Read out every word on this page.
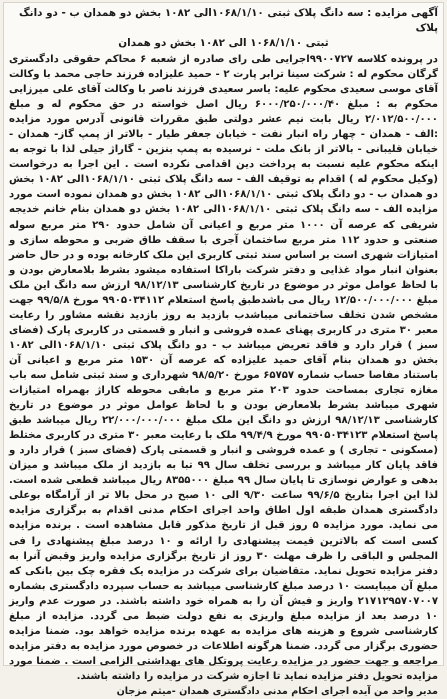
آگهی مزایده : سه دانگ پلاک ثبتی ۱۰۶۸/۱/۱۰الی ۱۰۸۲ بخش دو همدان ب - دو دانگ پلاک

ثبتی ۱۰۶۸/۱/۱۰ الی ۱۰۸۲ بخش دو همدان

در پرونده کلاسه ۹۹۰۰۷۲۷اجرایی طی رای صادره از شعبه ۶ محاکم حقوقی دادگستری گرگان محکوم له : شرکت سینا ترابر پارت ۲ - حمید علیزاده فرزند حاجی محمد با وکالت آقای موسی سعیدی محکوم علیه: یاسر سعیدی فرزند ناصر با وکالت آقای علی میرزایی محکوم به : مبلغ ۶۰۰۰/۲۵۰/۰۰۰/۴۰ ریال اصل خواسته در حق محکوم له و مبلغ ۲/۰۱۲/۵۰۰/۰۰۰ ریال بابت نیم عشر دولتی طبق مقررات قانونی آدرس مورد مزایده :الف - همدان - چهار راه انبار نفت - خیابان جعفر طیار - بالاتر از پمپ گاز- همدان - خیابان قلیبانی - بالاتر از بانک ملت - نرسیده به پمپ بنزین - گاراژ جیلی لذا با توجه به اینکه محکوم علیه نسبت به پرداخت دین اقدامی نکرده است . این اجرا به درخواست (وکیل محکوم له ) اقدام به توقیف الف - سه دانگ پلاک ثبتی ۱۰۶۸/۱/۱۰الی ۱۰۸۲ بخش دو همدان ب - دو دانگ پلاک ثبتی ۱۰۶۸/۱/۱۰الی ۱۰۸۲ بخش دو همدان نموده است مورد مزایده الف - سه دانگ پلاک ثبتی ۱۰۶۸/۱/۱۰الی ۱۰۸۲ بخش دو همدان بنام خانم خدیجه شریفی که عرصه آن ۱۰۰۰ متر مربع و اعیانی آن شامل حدود ۲۹۰ متر مربع سوله صنعتی و حدود ۱۱۲ متر مربع ساختمان آجری با سقف طاق ضربی و محوطه سازی و امتیازات شهری است بر اساس سند ثبتی کاربری این ملک کارخانه بوده و در حال حاضر بعنوان انبار مواد غذایی و دفتر شرکت باراکا استفاده میشود بشرط بلامعارض بودن و با لحاظ عوامل موثر در موضوع در تاریخ کارشناسی ۹۸/۱۲/۱۳ ارزش سه دانگ این ملک مبلغ ۱۲/۵۰۰/۰۰۰/۰۰۰ ریال می باشدطبق پاسخ استعلام ۹۹۰۵۰۳۴۱۱۲ مورخ ۹۹/۵/۸ جهت مشخص شدن تخلف ساختمانی میباشدب بازدید به روز بازدید نقشه مشاور را رعایت معبر ۳۰ متری در کاربری پهنای عمده فروشی و انبار و قسمتی در کاربری پارک (فضای سبز ) قرار دارد و فاقد تعریض میباشد ب - دو دانگ پلاک ثبتی ۱۰۶۸/۱/۱۰الی ۱۰۸۲ بخش دو همدان بنام آقای حمید علیزاده که عرصه آن ۱۵۳۰ متر مربع و اعیانی آن باستناد مفاصا حساب شماره ۶۵۷۵۷ مورخ ۹۸/۵/۲۰ شهرداری و سند ثبتی شامل سه باب مغازه تجاری بمساحت حدود ۲۰۳ متر مربع و مابقی محوطه کاراژ بهمراه امتیازات شهری میباشد بشرط بلامعارض بودن و با لحاظ عوامل موثر در موضوع در تاریخ کارشناسی ۹۸/۱۲/۱۳ ارزش دو دانگ این ملک مبلغ ۲۲/۰۰۰/۰۰۰/۰۰۰ ریال میباشد طبق پاسخ استعلام ۹۹۰۵۰۳۴۱۲۳ مورخ ۹۹/۴/۹ ملک با رعایت معبر ۳۰ متری در کاربری مختلط (مسکونی - تجاری ) و عمده فروشی و انبار و قسمتی پارک (فضای سبز ) قرار دارد و فاقد پایان کار میباشد و بررسی تخلف سال ۹۹ تبا به بازدید از ملک میباشد و میزان بدهی و عوارض نوسازی تا پایان سال ۹۹ مبلغ ۸۳۵۵۰۰۰ ریال میباشد قطعی شده است. لذا این اجرا بتاریخ ۹۹/۶/۵ ساعت ۹/۳۰ الی ۱۰ صبح در محل بالا تر از آرامگاه بوعلی دادگستری همدان طبقه اول اطاق واحد اجرای احکام مدنی اقدام به برگزاری مزایده می نماید. مورد مزایده ۵ روز قبل از تاریخ مذکور قابل مشاهده است . برنده مزایده کسی است که بالاترین قیمت پیشنهادی را ارائه و ۱۰ درصد مبلغ پیشنهادی را فی المجلس و الباقی را ظرف مهلت ۳۰ روز از تاریخ برگزاری مزایده واریز وقبض آنرا به دفتر مزایده تحویل نماید. متقاضیان برای شرکت در مزایده یک فقره چک بین بانکی که مبلغ آن میبایست ۱۰ درصد مبلغ کارشناسی میباشد به حساب سپرده دادگستری بشماره ۲۱۷۱۲۹۵۷۰۷۰۰۷ واریز و فیش آن را به همراه خود داشته باشند. در صورت عدم واریز ۱۰ درصد بعد از مزایده مبلغ واریزی به نفع دولت ضبط می گردد. مزایده از مبلغ کارشناسی شروع و هزینه های مزایده به عهده برنده مزایده خواهد بود. ضمنا مزایده حضوری برگزار می گردد. ضمنا هرگونه اطلاعات در خصوص مورد مزایده به دفتر مزایده مراجعه و جهت حضور در مزایده رعایت پروتکل های بهداشتی الزامی است . ضمنا مورد مزایده تحویل دفتر مزایده نماید تا اجازه شرکت در مزایده را داشته باشند.

مدیر واحد من آیده اجرای احکام مدنی دادگستری همدان -میثم مزجان
